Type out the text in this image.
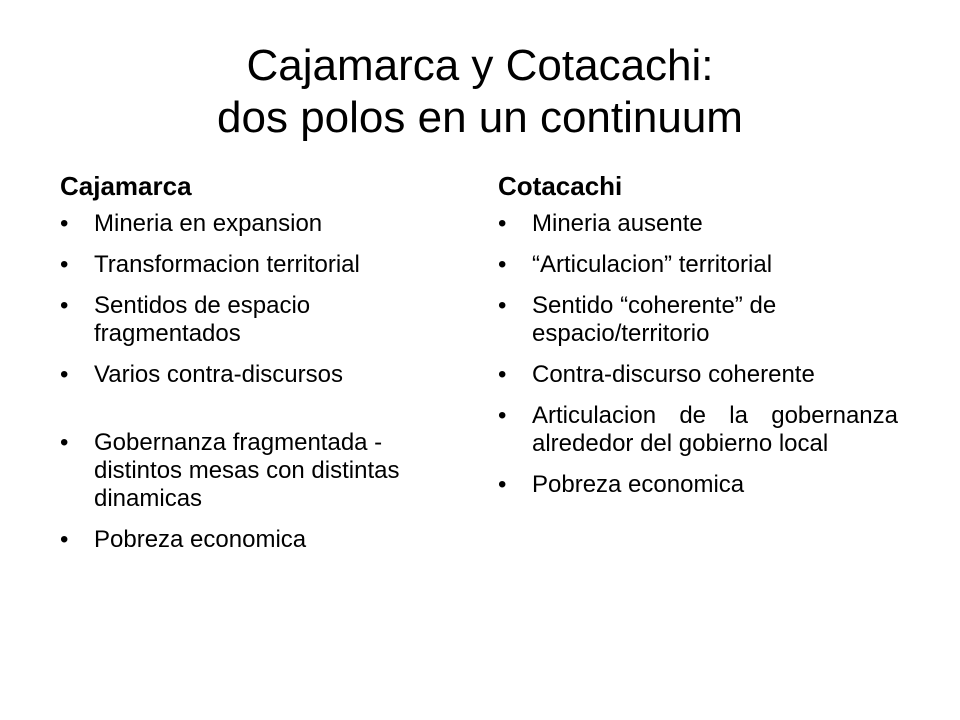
Cajamarca y Cotacachi:
dos polos en un continuum
Cajamarca
•	Mineria en expansion
•	Transformacion territorial
•	Sentidos de espacio fragmentados
•	Varios contra-discursos
•	Gobernanza fragmentada - distintos mesas con distintas dinamicas
•	Pobreza economica
Cotacachi
•	Mineria ausente
•	“Articulacion” territorial
•	Sentido “coherente” de espacio/territorio
•	Contra-discurso coherente
•	Articulacion de la gobernanza alrededor del gobierno local
•	Pobreza economica
